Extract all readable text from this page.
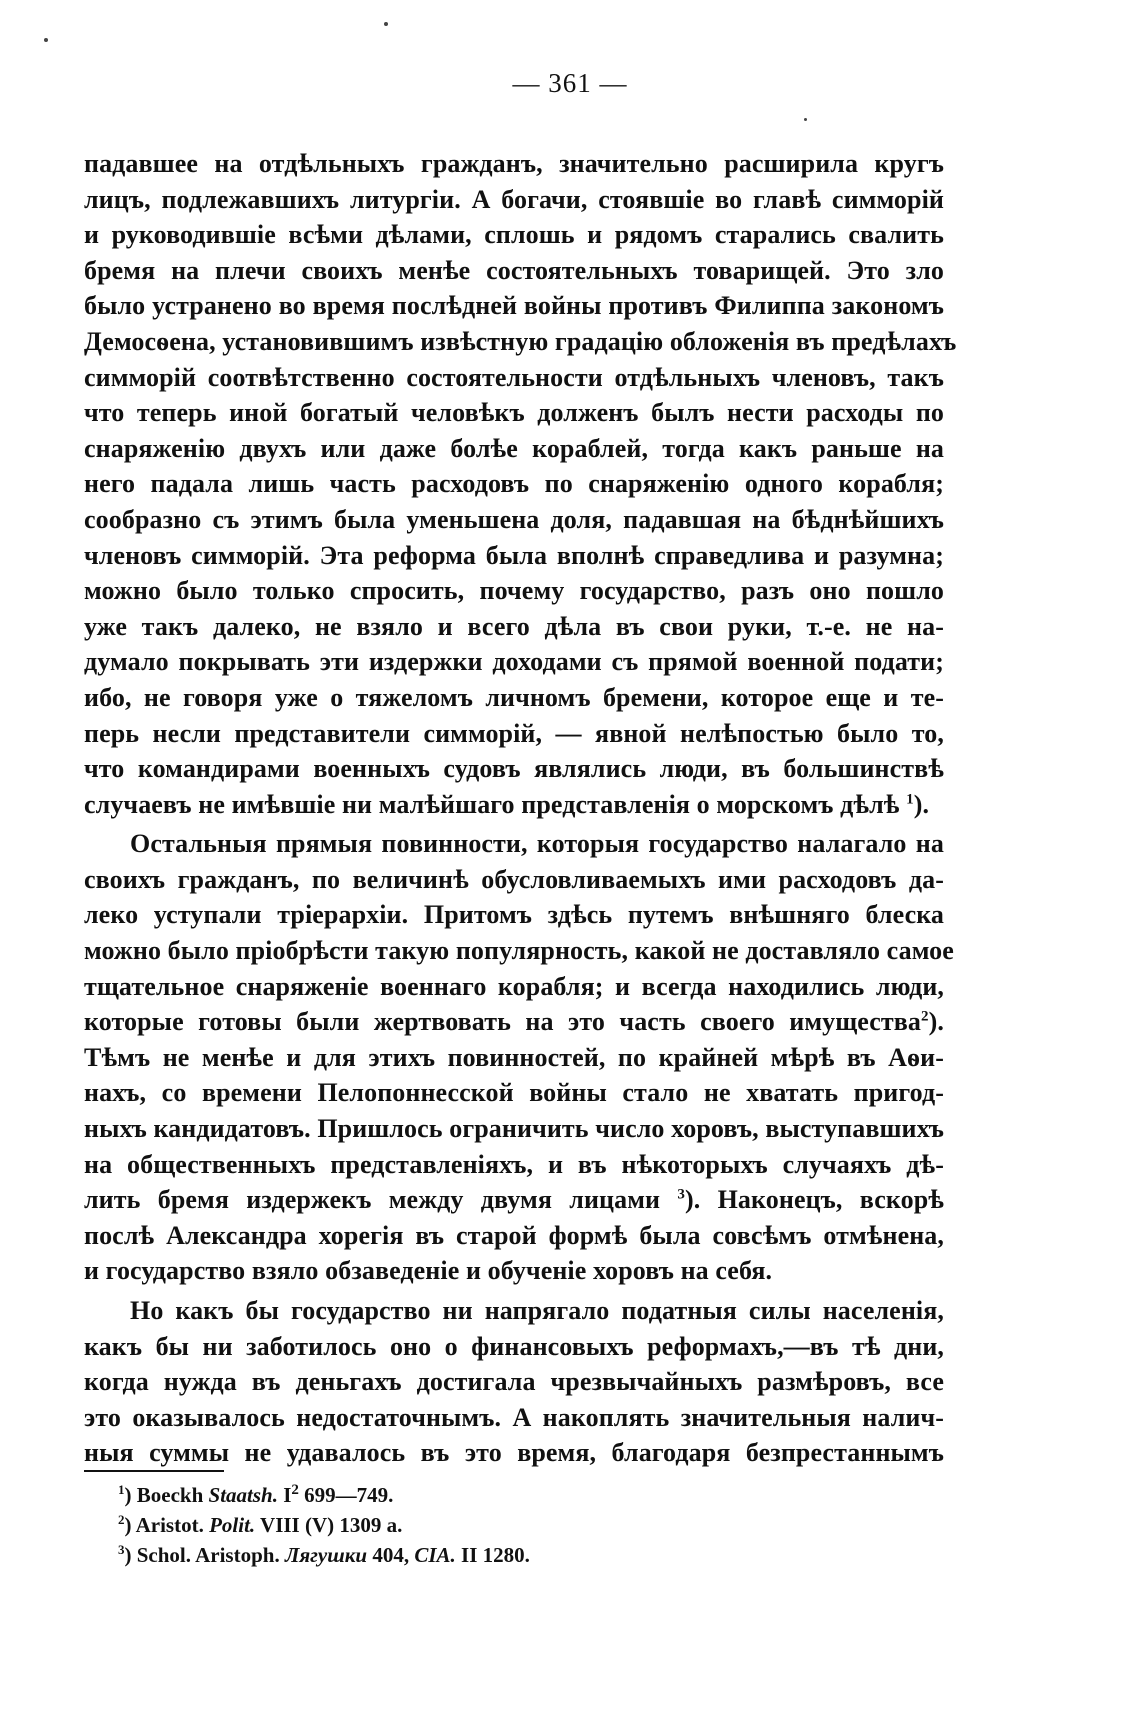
— 361 —
падавшее на отдѣльныхъ гражданъ, значительно расширила кругъ
лицъ, подлежавшихъ литургіи. А богачи, стоявшіе во главѣ симморій
и руководившіе всѣми дѣлами, сплошь и рядомъ старались свалить
бремя на плечи своихъ менѣе состоятельныхъ товарищей. Это зло
было устранено во время послѣдней войны противъ Филиппа закономъ
Демосѳена, установившимъ извѣстную градацію обложенія въ предѣлахъ
симморій соотвѣтственно состоятельности отдѣльныхъ членовъ, такъ
что теперь иной богатый человѣкъ долженъ былъ нести расходы по
снаряженію двухъ или даже болѣе кораблей, тогда какъ раньше на
него падала лишь часть расходовъ по снаряженію одного корабля;
сообразно съ этимъ была уменьшена доля, падавшая на бѣднѣйшихъ
членовъ симморій. Эта реформа была вполнѣ справедлива и разумна;
можно было только спросить, почему государство, разъ оно пошло
уже такъ далеко, не взяло и всего дѣла въ свои руки, т.-е. не на-
думало покрывать эти издержки доходами съ прямой военной подати;
ибо, не говоря уже о тяжеломъ личномъ бремени, которое еще и те-
перь несли представители симморій, — явной нелѣпостью было то,
что командирами военныхъ судовъ являлись люди, въ большинствѣ
случаевъ не имѣвшіе ни малѣйшаго представленія о морскомъ дѣлѣ $^1$).
Остальныя прямыя повинности, которыя государство налагало на
своихъ гражданъ, по величинѣ обусловливаемыхъ ими расходовъ да-
леко уступали тріерархіи. Притомъ здѣсь путемъ внѣшняго блеска
можно было пріобрѣсти такую популярность, какой не доставляло самое
тщательное снаряженіе военнаго корабля; и всегда находились люди,
которые готовы были жертвовать на это часть своего имущества$^2$).
Тѣмъ не менѣе и для этихъ повинностей, по крайней мѣрѣ въ Аѳи-
нахъ, со времени Пелопоннесской войны стало не хватать пригод-
ныхъ кандидатовъ. Пришлось ограничить число хоровъ, выступавшихъ
на общественныхъ представленіяхъ, и въ нѣкоторыхъ случаяхъ дѣ-
лить бремя издержекъ между двумя лицами $^3$). Наконецъ, вскорѣ
послѣ Александра хорегія въ старой формѣ была совсѣмъ отмѣнена,
и государство взяло обзаведеніе и обученіе хоровъ на себя.
Но какъ бы государство ни напрягало податныя силы населенія,
какъ бы ни заботилось оно о финансовыхъ реформахъ,—въ тѣ дни,
когда нужда въ деньгахъ достигала чрезвычайныхъ размѣровъ, все
это оказывалось недостаточнымъ. А накоплять значительныя налич-
ныя суммы не удавалось въ это время, благодаря безпрестаннымъ
$^1$) Boeckh Staatsh. $I^2$ 699—749.
$^2$) Aristot. Polit. VIII (V) 1309 a.
$^3$) Schol. Aristoph. Лягушки 404, CIA. II 1280.
